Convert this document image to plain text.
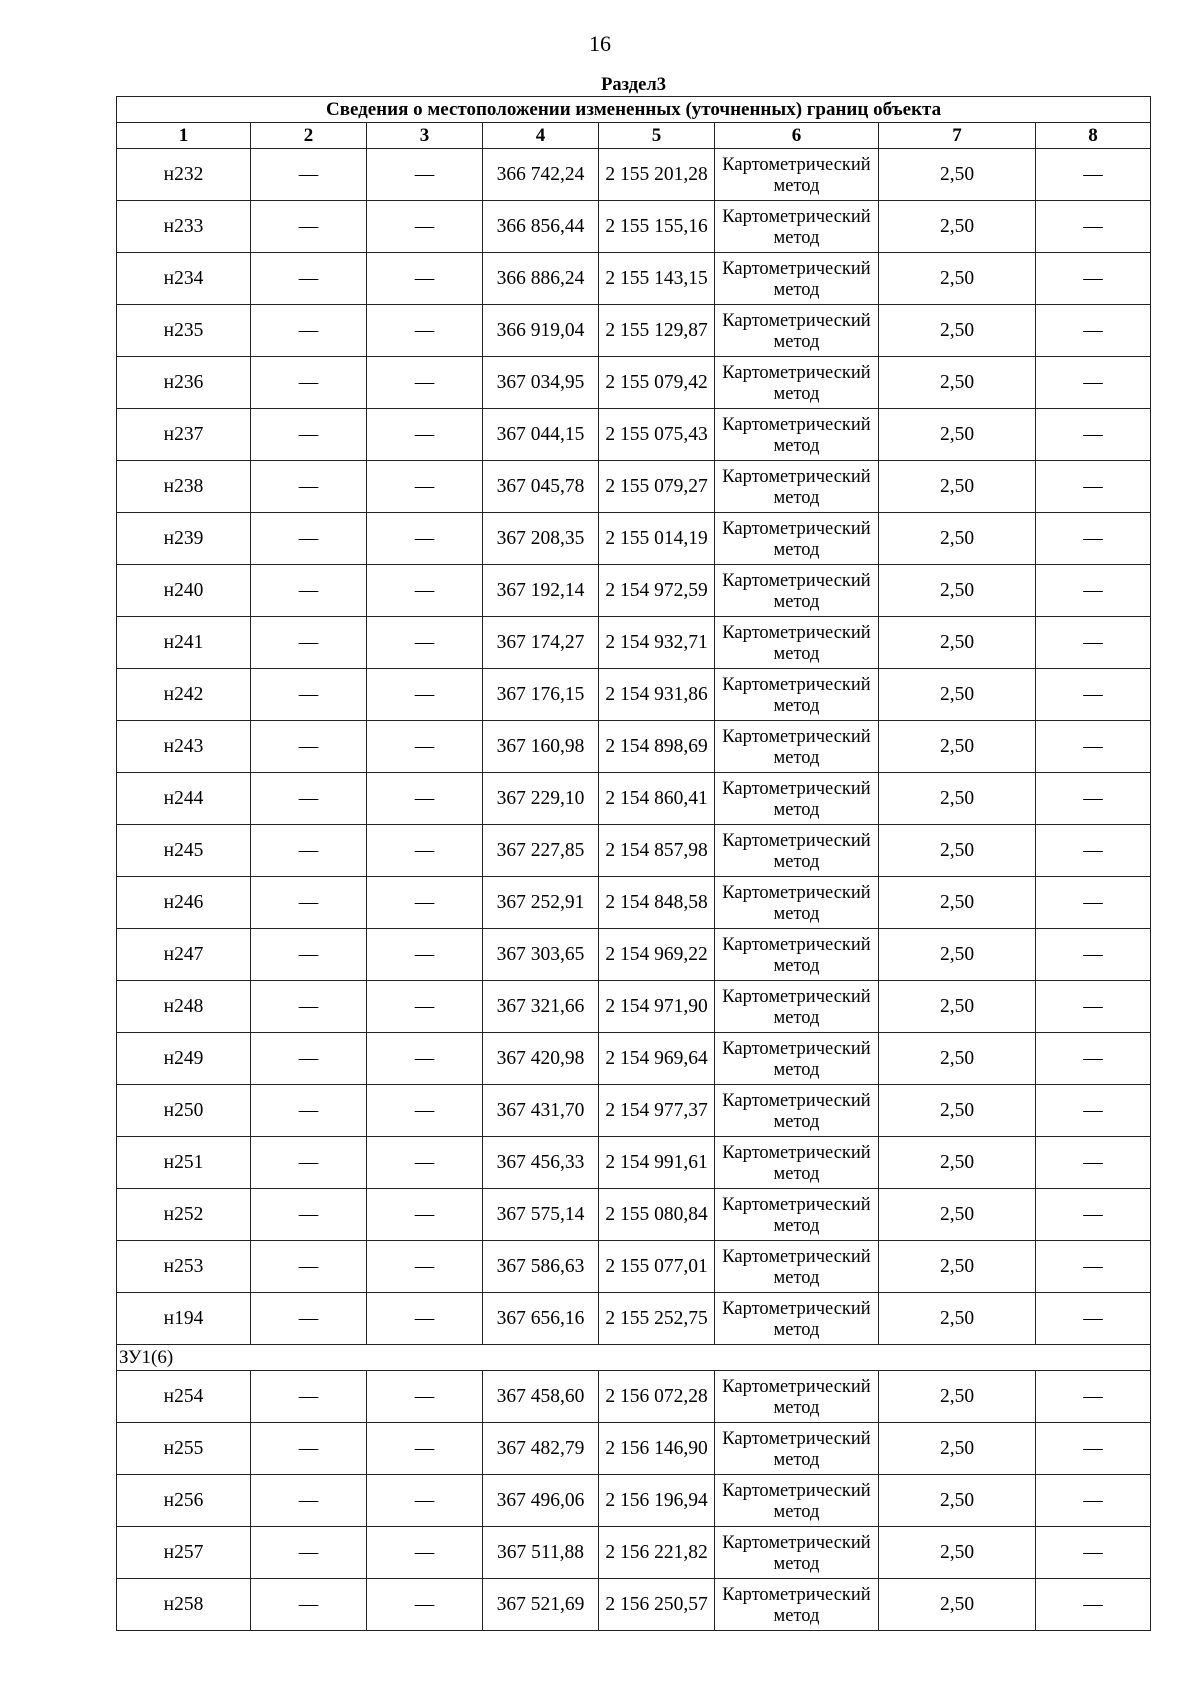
16
Раздел3							
Сведения о местоположении измененных (уточненных) границ объекта							
1	2	3	4	5	6	7	8
н232	—	—	366 742,24	2 155 201,28	Картометрический метод	2,50	—
н233	—	—	366 856,44	2 155 155,16	Картометрический метод	2,50	—
н234	—	—	366 886,24	2 155 143,15	Картометрический метод	2,50	—
н235	—	—	366 919,04	2 155 129,87	Картометрический метод	2,50	—
н236	—	—	367 034,95	2 155 079,42	Картометрический метод	2,50	—
н237	—	—	367 044,15	2 155 075,43	Картометрический метод	2,50	—
н238	—	—	367 045,78	2 155 079,27	Картометрический метод	2,50	—
н239	—	—	367 208,35	2 155 014,19	Картометрический метод	2,50	—
н240	—	—	367 192,14	2 154 972,59	Картометрический метод	2,50	—
н241	—	—	367 174,27	2 154 932,71	Картометрический метод	2,50	—
н242	—	—	367 176,15	2 154 931,86	Картометрический метод	2,50	—
н243	—	—	367 160,98	2 154 898,69	Картометрический метод	2,50	—
н244	—	—	367 229,10	2 154 860,41	Картометрический метод	2,50	—
н245	—	—	367 227,85	2 154 857,98	Картометрический метод	2,50	—
н246	—	—	367 252,91	2 154 848,58	Картометрический метод	2,50	—
н247	—	—	367 303,65	2 154 969,22	Картометрический метод	2,50	—
н248	—	—	367 321,66	2 154 971,90	Картометрический метод	2,50	—
н249	—	—	367 420,98	2 154 969,64	Картометрический метод	2,50	—
н250	—	—	367 431,70	2 154 977,37	Картометрический метод	2,50	—
н251	—	—	367 456,33	2 154 991,61	Картометрический метод	2,50	—
н252	—	—	367 575,14	2 155 080,84	Картометрический метод	2,50	—
н253	—	—	367 586,63	2 155 077,01	Картометрический метод	2,50	—
н194	—	—	367 656,16	2 155 252,75	Картометрический метод	2,50	—
ЗУ1(6)							
н254	—	—	367 458,60	2 156 072,28	Картометрический метод	2,50	—
н255	—	—	367 482,79	2 156 146,90	Картометрический метод	2,50	—
н256	—	—	367 496,06	2 156 196,94	Картометрический метод	2,50	—
н257	—	—	367 511,88	2 156 221,82	Картометрический метод	2,50	—
н258	—	—	367 521,69	2 156 250,57	Картометрический метод	2,50	—
